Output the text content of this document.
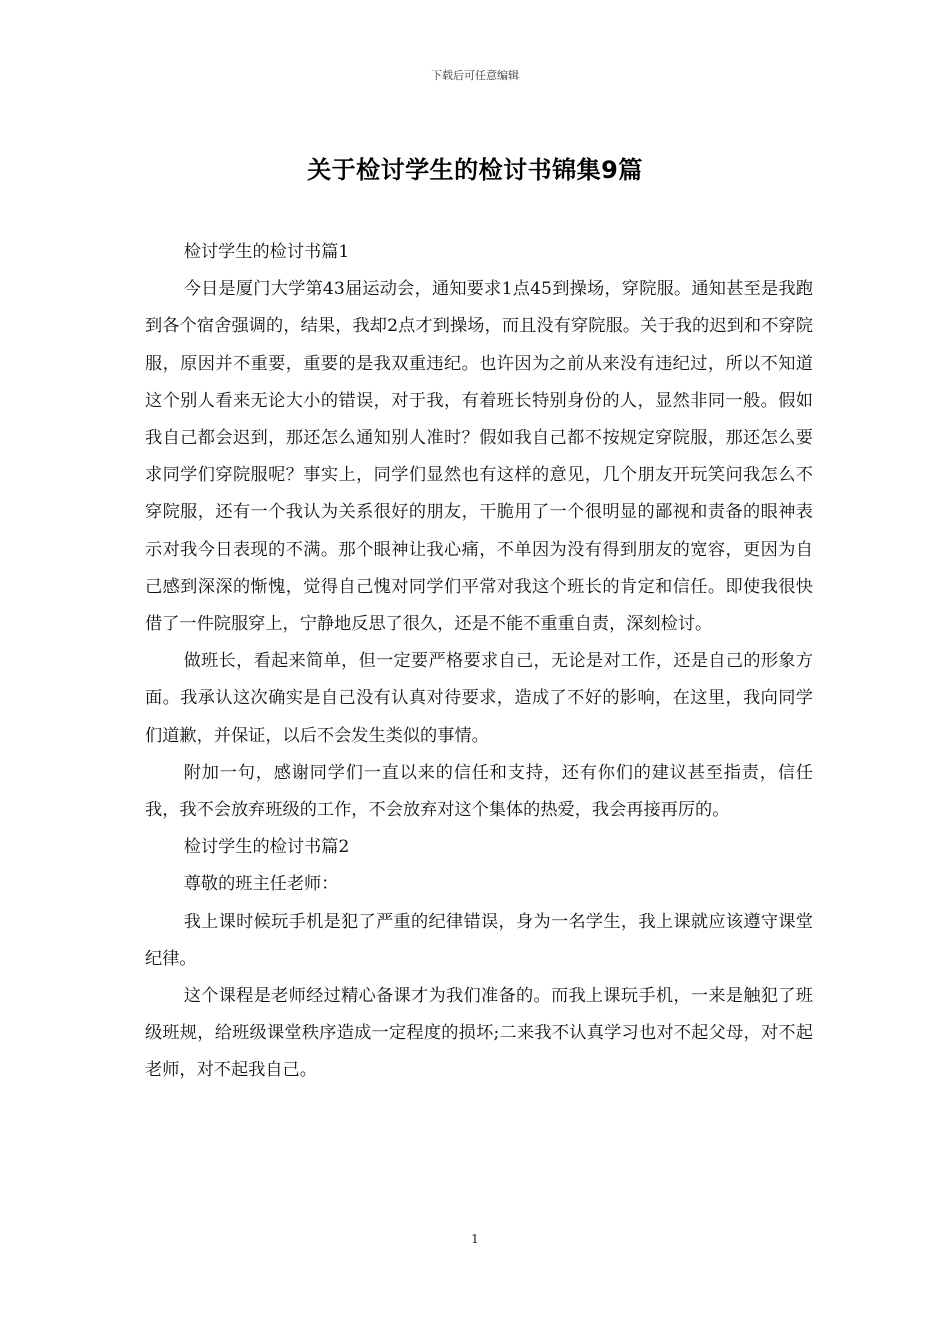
下载后可任意编辑
关于检讨学生的检讨书锦集9篇

检讨学生的检讨书篇1

今日是厦门大学第43届运动会，通知要求1点45到操场，穿院服。通知甚至是我跑到各个宿舍强调的，结果，我却2点才到操场，而且没有穿院服。关于我的迟到和不穿院服，原因并不重要，重要的是我双重违纪。也许因为之前从来没有违纪过，所以不知道这个别人看来无论大小的错误，对于我，有着班长特别身份的人，显然非同一般。假如我自己都会迟到，那还怎么通知别人准时？假如我自己都不按规定穿院服，那还怎么要求同学们穿院服呢？事实上，同学们显然也有这样的意见，几个朋友开玩笑问我怎么不穿院服，还有一个我认为关系很好的朋友，干脆用了一个很明显的鄙视和责备的眼神表示对我今日表现的不满。那个眼神让我心痛，不单因为没有得到朋友的宽容，更因为自己感到深深的惭愧，觉得自己愧对同学们平常对我这个班长的肯定和信任。即使我很快借了一件院服穿上，宁静地反思了很久，还是不能不重重自责，深刻检讨。

做班长，看起来简单，但一定要严格要求自己，无论是对工作，还是自己的形象方面。我承认这次确实是自己没有认真对待要求，造成了不好的影响，在这里，我向同学们道歉，并保证，以后不会发生类似的事情。

附加一句，感谢同学们一直以来的信任和支持，还有你们的建议甚至指责，信任我，我不会放弃班级的工作，不会放弃对这个集体的热爱，我会再接再厉的。

检讨学生的检讨书篇2

尊敬的班主任老师：

我上课时候玩手机是犯了严重的纪律错误，身为一名学生，我上课就应该遵守课堂纪律。

这个课程是老师经过精心备课才为我们准备的。而我上课玩手机，一来是触犯了班级班规，给班级课堂秩序造成一定程度的损坏;二来我不认真学习也对不起父母，对不起老师，对不起我自己。

1
